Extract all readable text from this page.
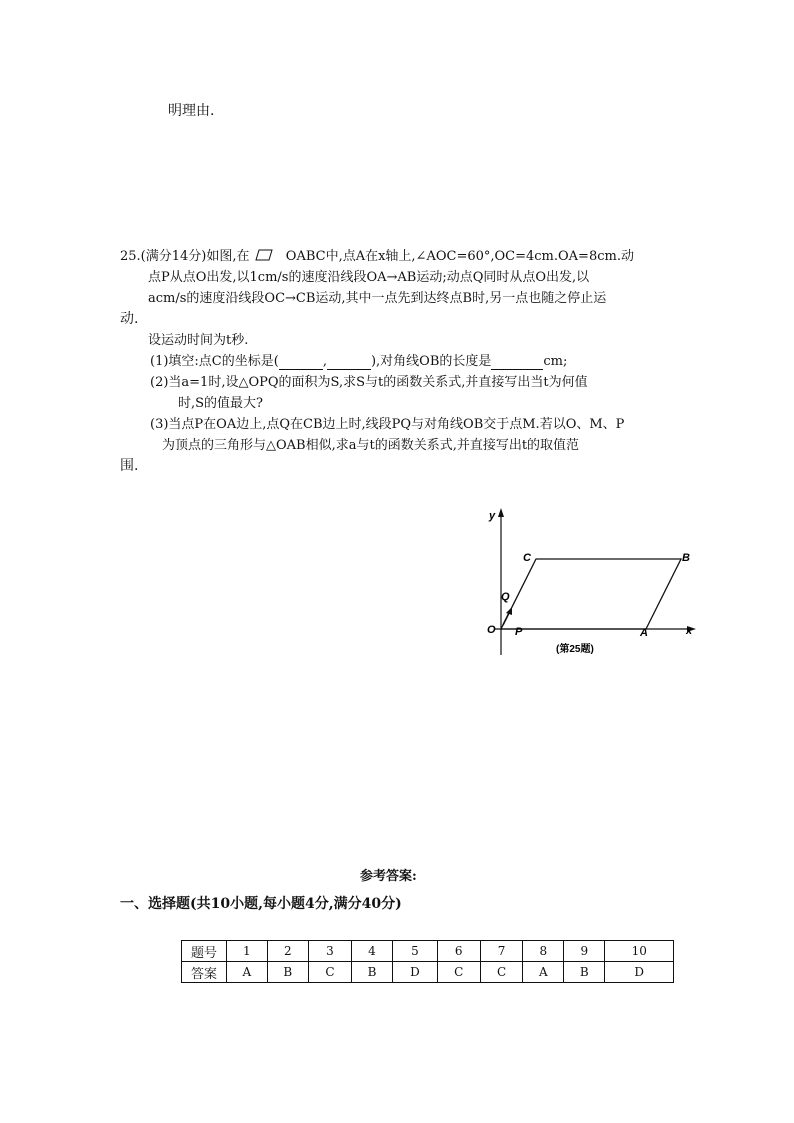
明理由.
25.(满分14分)如图,在	OABC中,点A在x轴上,∠AOC=60°,OC=4cm.OA=8cm.动
点P从点O出发,以1cm/s的速度沿线段OA→AB运动;动点Q同时从点O出发,以
acm/s的速度沿线段OC→CB运动,其中一点先到达终点B时,另一点也随之停止运
动.
设运动时间为t秒.
(1)填空:点C的坐标是(	,	),对角线OB的长度是	cm;
(2)当a=1时,设△OPQ的面积为S,求S与t的函数关系式,并直接写出当t为何值
时,S的值最大?
(3)当点P在OA边上,点Q在CB边上时,线段PQ与对角线OB交于点M.若以O、M、P
为顶点的三角形与△OAB相似,求a与t的函数关系式,并直接写出t的取值范
围.
y
x
O P
Q
A
B
C
(第25题)
参考答案:
一、选择题(共10小题,每小题4分,满分40分)
题号	1	2	3	4	5	6	7	8	9	10
答案	A	B	C	B	D	C	C	A	B	D
